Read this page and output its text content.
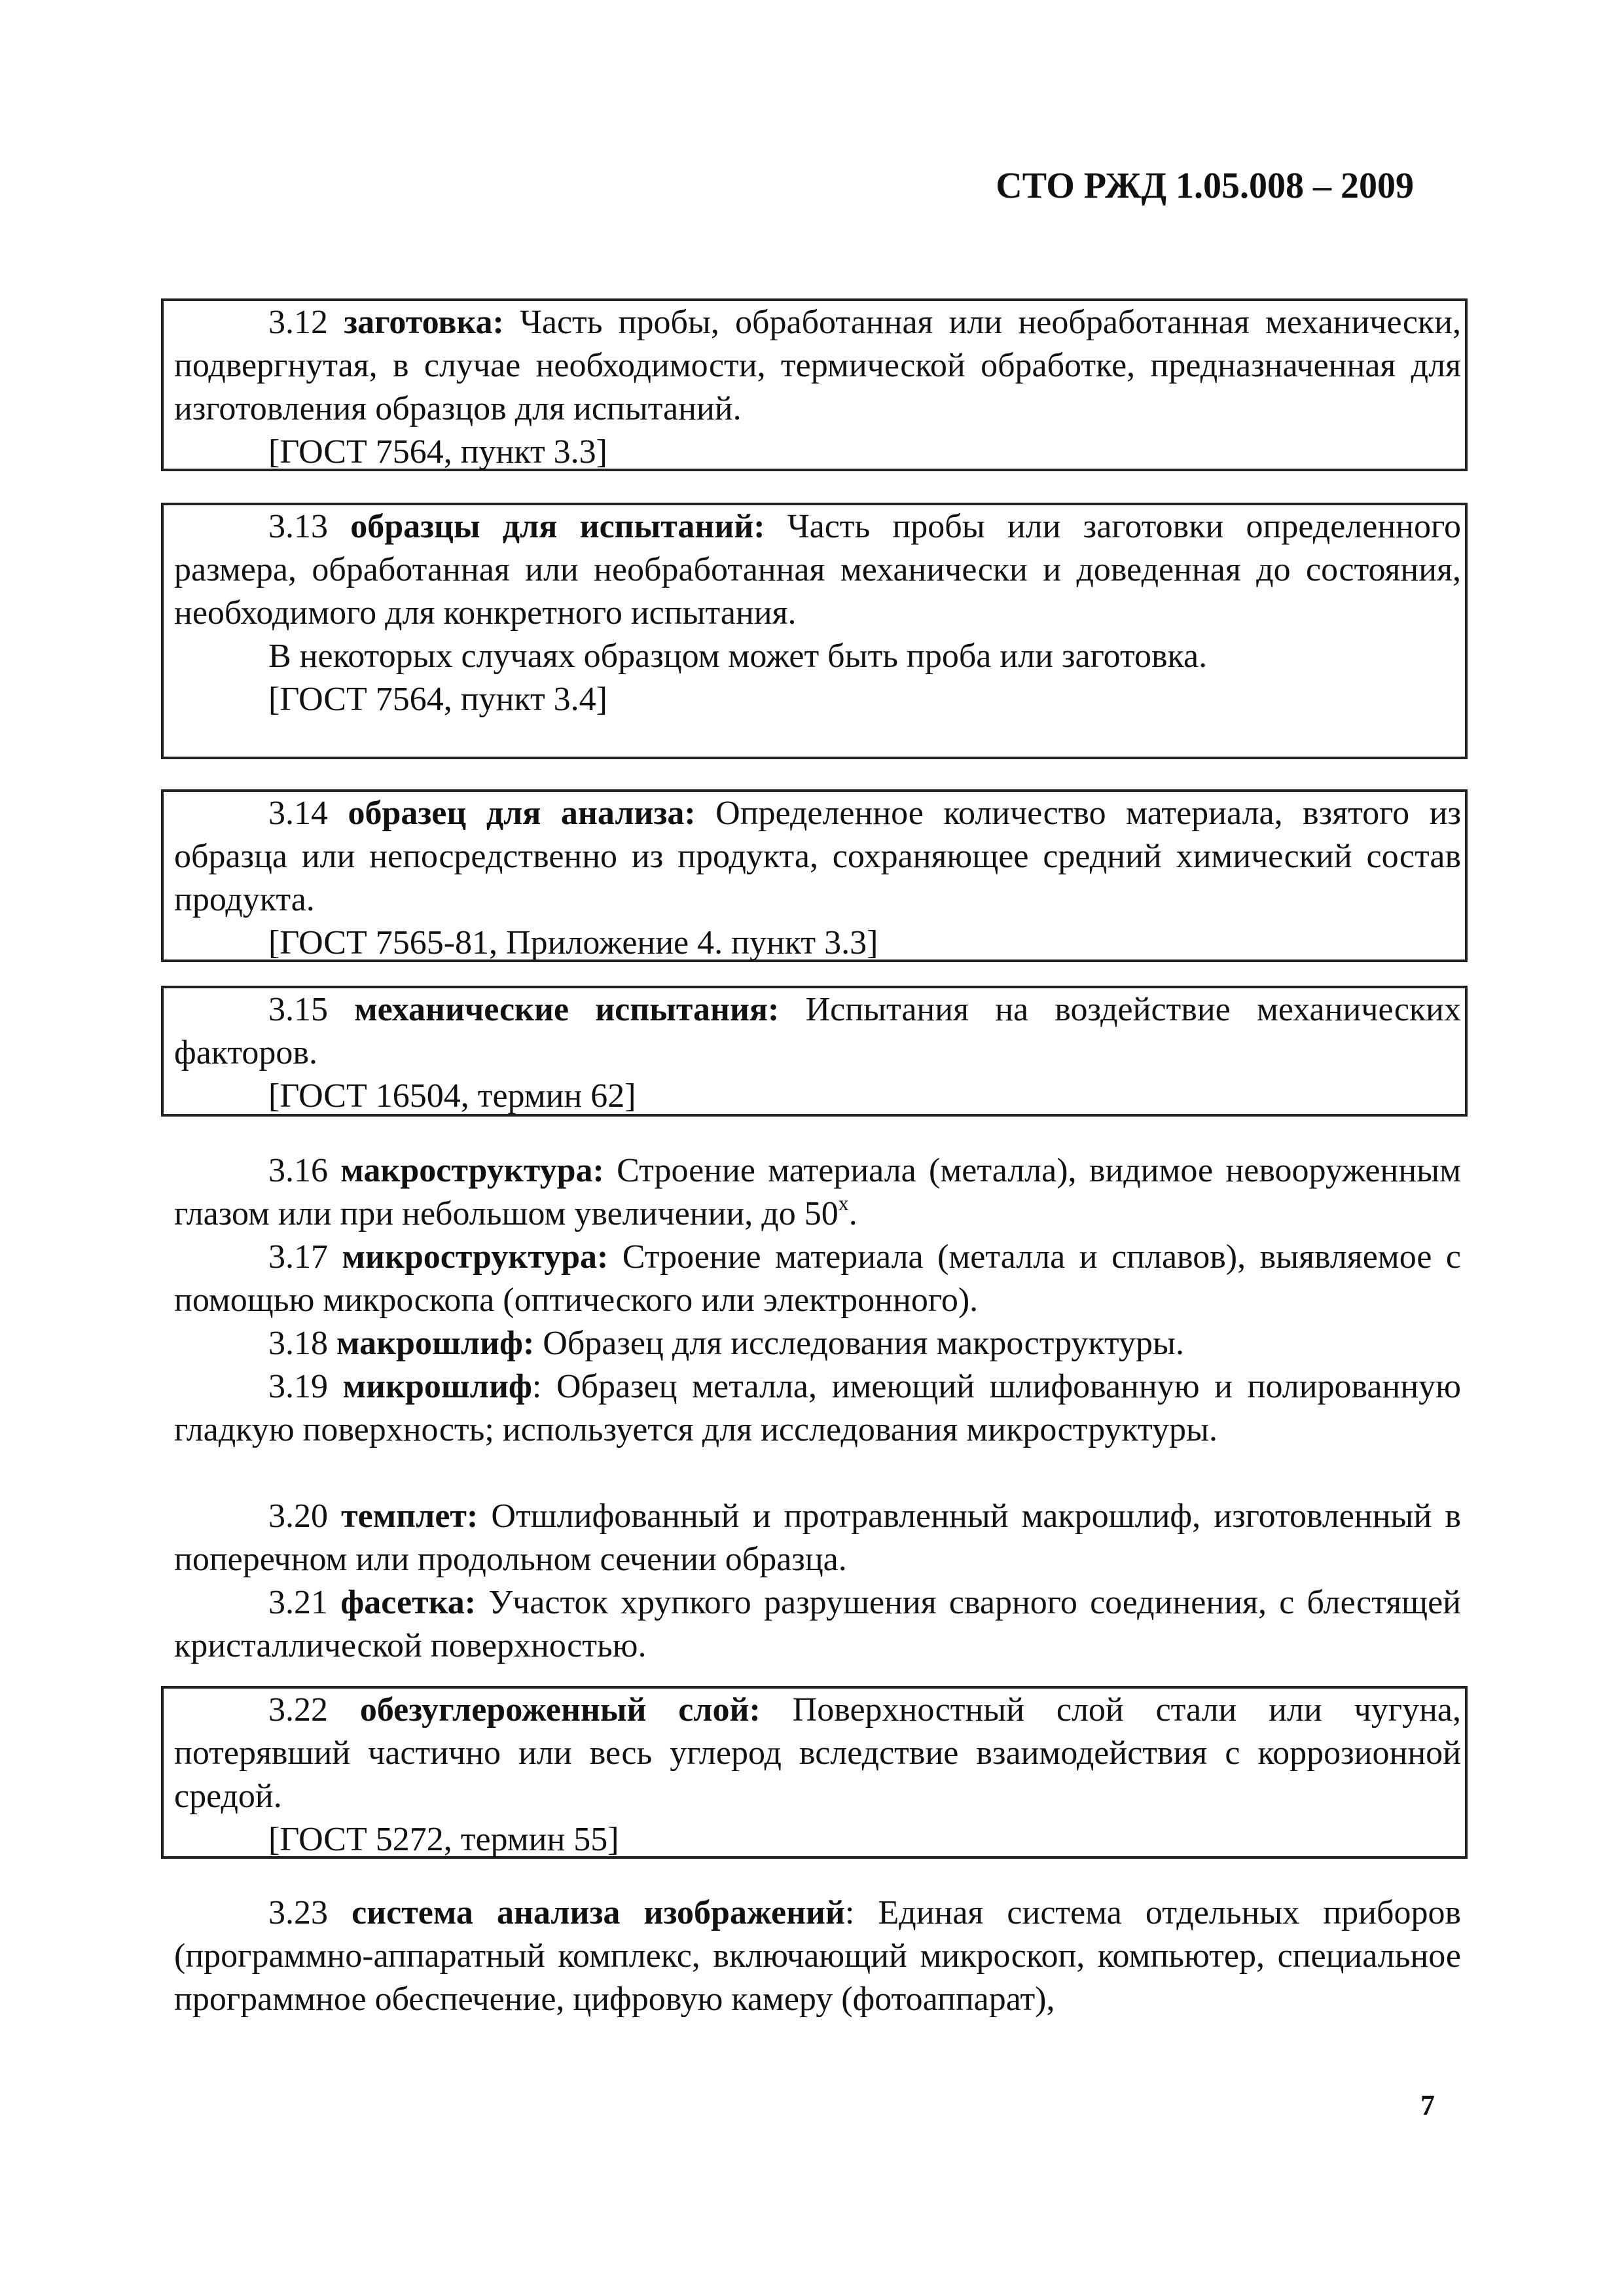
СТО РЖД 1.05.008 – 2009

3.12 заготовка: Часть пробы, обработанная или необработанная механически, подвергнутая, в случае необходимости, термической обработке, предназначенная для изготовления образцов для испытаний.

[ГОСТ 7564, пункт 3.3]

3.13 образцы для испытаний: Часть пробы или заготовки определенного размера, обработанная или необработанная механически и доведенная до состояния, необходимого для конкретного испытания.

В некоторых случаях образцом может быть проба или заготовка.
[ГОСТ 7564, пункт 3.4]

3.14 образец для анализа: Определенное количество материала, взятого из образца или непосредственно из продукта, сохраняющее средний химический состав продукта.

[ГОСТ 7565-81, Приложение 4. пункт 3.3]

3.15 механические испытания: Испытания на воздействие механических факторов.

[ГОСТ 16504, термин 62]

3.16 макроструктура: Строение материала (металла), видимое невооруженным глазом или при небольшом увеличении, до $50^х$.

3.17 микроструктура: Строение материала (металла и сплавов), выявляемое с помощью микроскопа (оптического или электронного).

3.18 макрошлиф: Образец для исследования макроструктуры.

3.19 микрошлиф: Образец металла, имеющий шлифованную и полированную гладкую поверхность; используется для исследования микроструктуры.

3.20 темплет: Отшлифованный и протравленный макрошлиф, изготовленный в поперечном или продольном сечении образца.

3.21 фасетка: Участок хрупкого разрушения сварного соединения, с блестящей кристаллической поверхностью.

3.22 обезуглероженный слой: Поверхностный слой стали или чугуна, потерявший частично или весь углерод вследствие взаимодействия с коррозионной средой.

[ГОСТ 5272, термин 55]

3.23 система анализа изображений: Единая система отдельных приборов (программно-аппаратный комплекс, включающий микроскоп, компьютер, специальное программное обеспечение, цифровую камеру (фотоаппарат),

7
